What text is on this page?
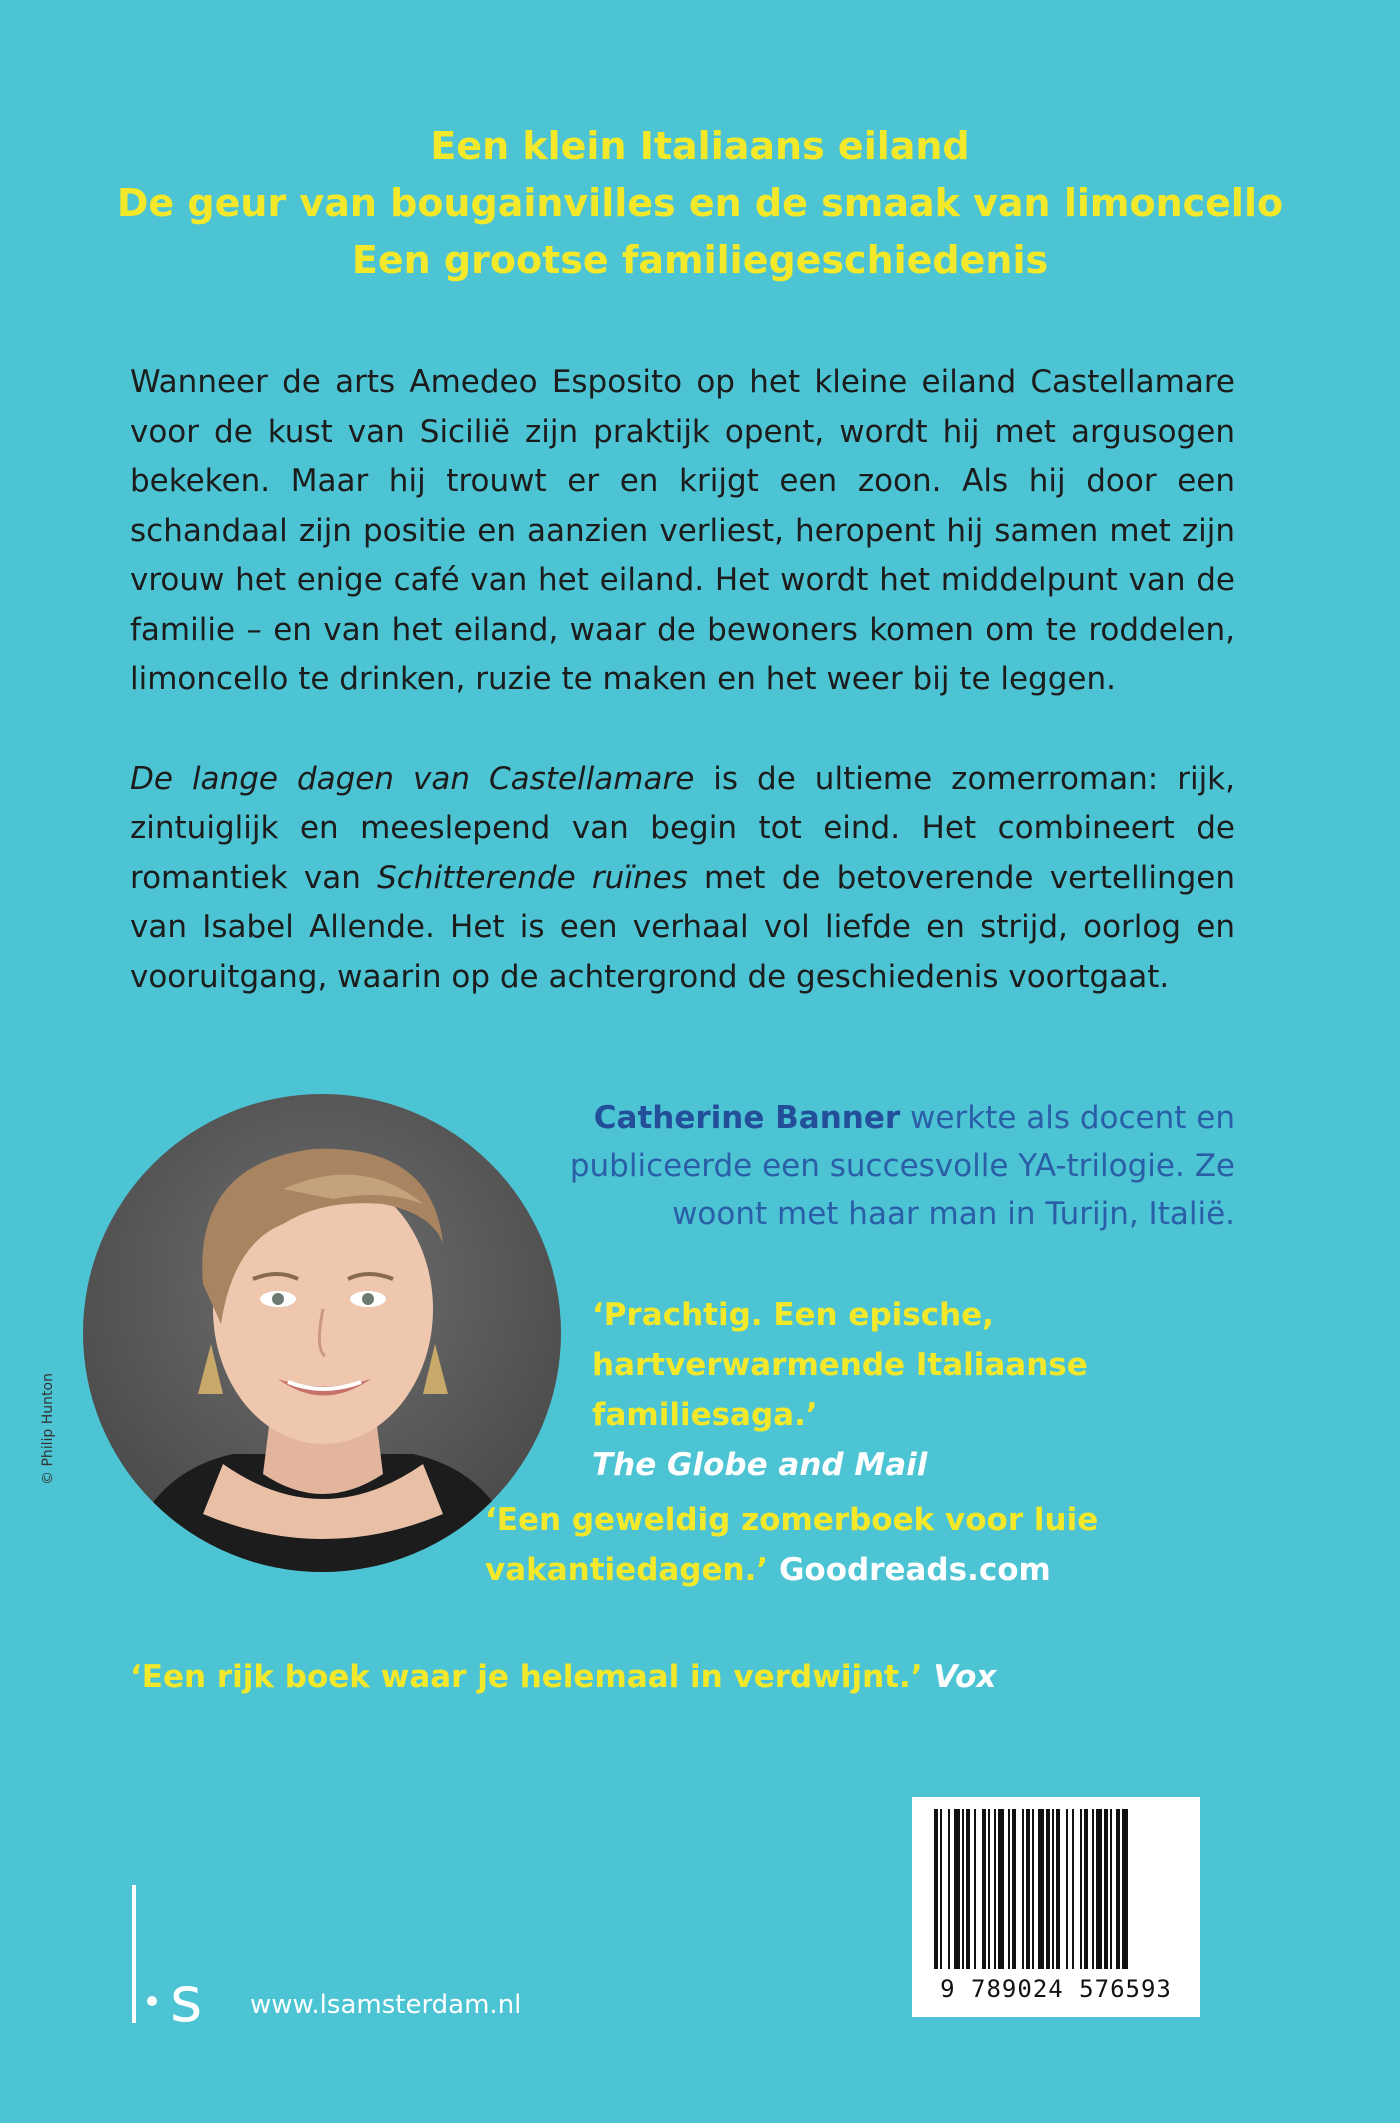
Een klein Italiaans eiland
De geur van bougainvilles en de smaak van limoncello
Een grootse familiegeschiedenis

Wanneer de arts Amedeo Esposito op het kleine eiland Castellamare voor de kust van Sicilië zijn praktijk opent, wordt hij met argusogen bekeken. Maar hij trouwt er en krijgt een zoon. Als hij door een schandaal zijn positie en aanzien verliest, heropent hij samen met zijn vrouw het enige café van het eiland. Het wordt het middelpunt van de familie – en van het eiland, waar de bewoners komen om te roddelen, limoncello te drinken, ruzie te maken en het weer bij te leggen.

De lange dagen van Castellamare is de ultieme zomerroman: rijk, zintuiglijk en meeslepend van begin tot eind. Het combineert de romantiek van Schitterende ruïnes met de betoverende vertellingen van Isabel Allende. Het is een verhaal vol liefde en strijd, oorlog en vooruitgang, waarin op de achtergrond de geschiedenis voortgaat.

© Philip Hunton
Catherine Banner werkte als docent en publiceerde een succesvolle YA-trilogie. Ze woont met haar man in Turijn, Italië.
‘Prachtig. Een epische, hartverwarmende Italiaanse familiesaga.’
The Globe and Mail
‘Een geweldig zomerboek voor luie vakantiedagen.’ Goodreads.com
‘Een rijk boek waar je helemaal in verdwijnt.’ Vox
s www.lsamsterdam.nl
9 789024 576593
